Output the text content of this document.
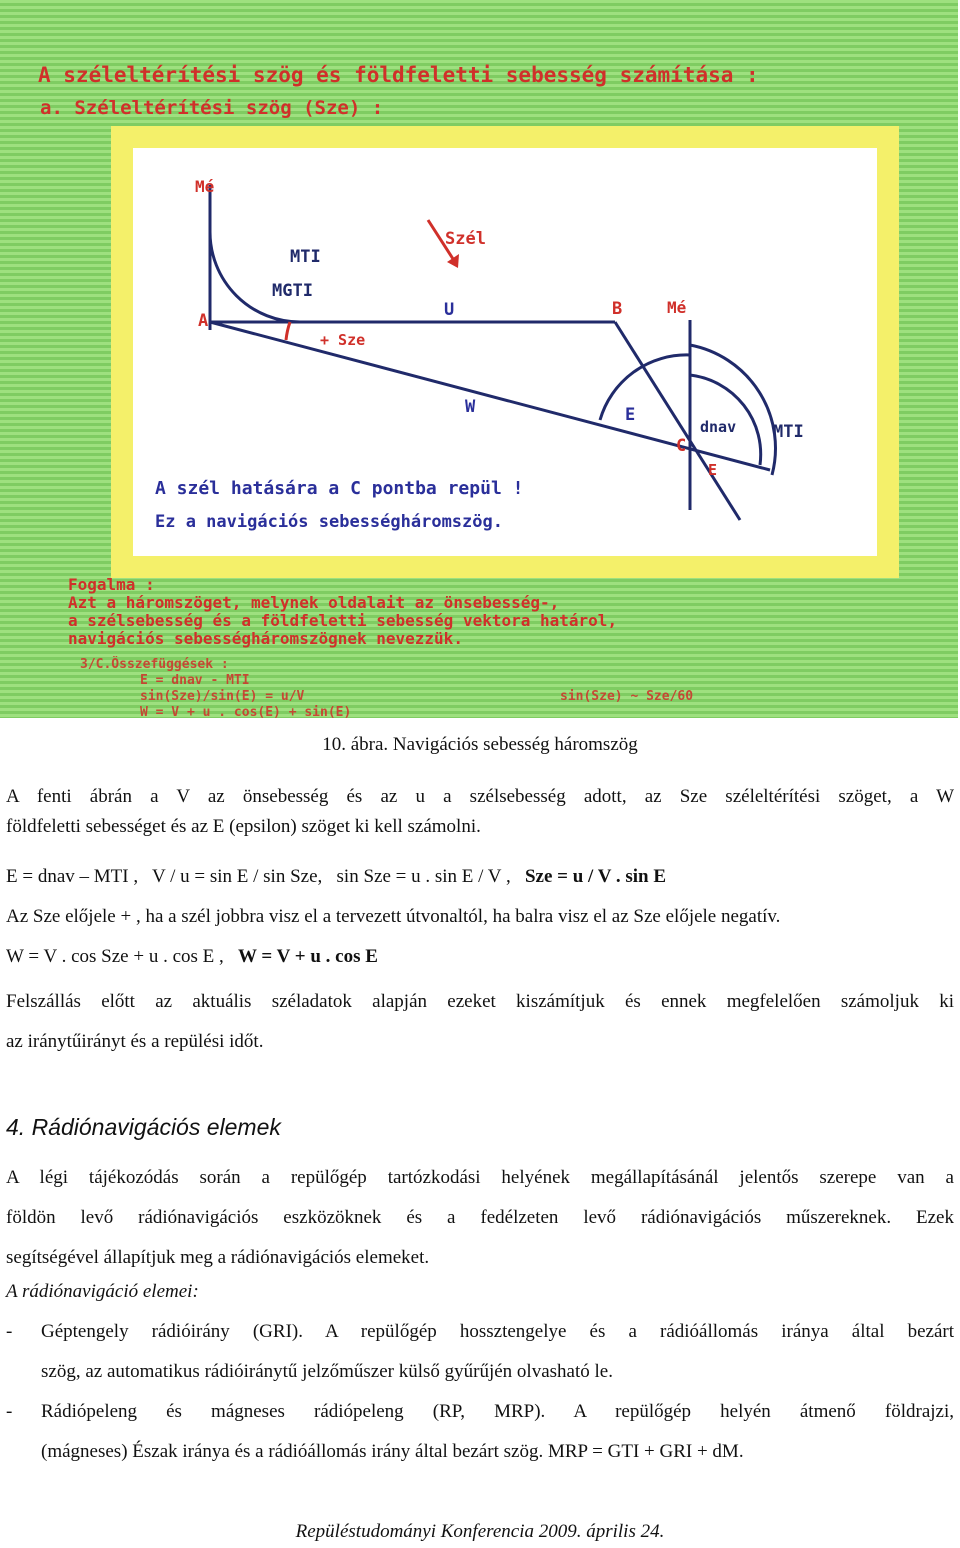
A széleltérítési szög és földfeletti sebesség számítása :
a. Széleltérítési szög (Sze) :
Mé
MTI
MGTI
A
Szél
U	B	Mé
+ Sze
W	E
dnav MTI
C
E
A szél hatására a C pontba repül !
Ez a navigációs sebességháromszög.
Fogalma :
Azt a háromszöget, melynek oldalait az önsebesség-,
a szélsebesség és a földfeletti sebesség vektora határol,
navigációs sebességháromszögnek nevezzük.
3/C.Összefüggések :
E = dnav - MTI
sin(Sze)/sin(E) = u/V	sin(Sze) ~ Sze/60
W = V + u . cos(E) + sin(E)
10. ábra. Navigációs sebesség háromszög
A fenti ábrán a V az önsebesség és az u a szélsebesség adott, az Sze széleltérítési szöget, a W
földfeletti sebességet és az E (epsilon) szöget ki kell számolni.
E = dnav – MTI ,   V / u = sin E / sin Sze,   sin Sze = u . sin E / V ,   Sze = u / V . sin E
Az Sze előjele + , ha a szél jobbra visz el a tervezett útvonaltól, ha balra visz el az Sze előjele negatív.
W = V . cos Sze + u . cos E ,   W = V + u . cos E
Felszállás előtt az aktuális széladatok alapján ezeket kiszámítjuk és ennek megfelelően számoljuk ki
az iránytűirányt és a repülési időt.
4. Rádiónavigációs elemek
A légi tájékozódás során a repülőgép tartózkodási helyének megállapításánál jelentős szerepe van a
földön levő rádiónavigációs eszközöknek és a fedélzeten levő rádiónavigációs műszereknek. Ezek
segítségével állapítjuk meg a rádiónavigációs elemeket.
A rádiónavigáció elemei:
- Géptengely rádióirány (GRI). A repülőgép hossztengelye és a rádióállomás iránya által bezárt
szög, az automatikus rádióiránytű jelzőműszer külső gyűrűjén olvasható le.
- Rádiópeleng és mágneses rádiópeleng (RP, MRP). A repülőgép helyén átmenő földrajzi,
(mágneses) Észak iránya és a rádióállomás irány által bezárt szög. MRP = GTI + GRI + dM.
Repüléstudományi Konferencia 2009. április 24.
